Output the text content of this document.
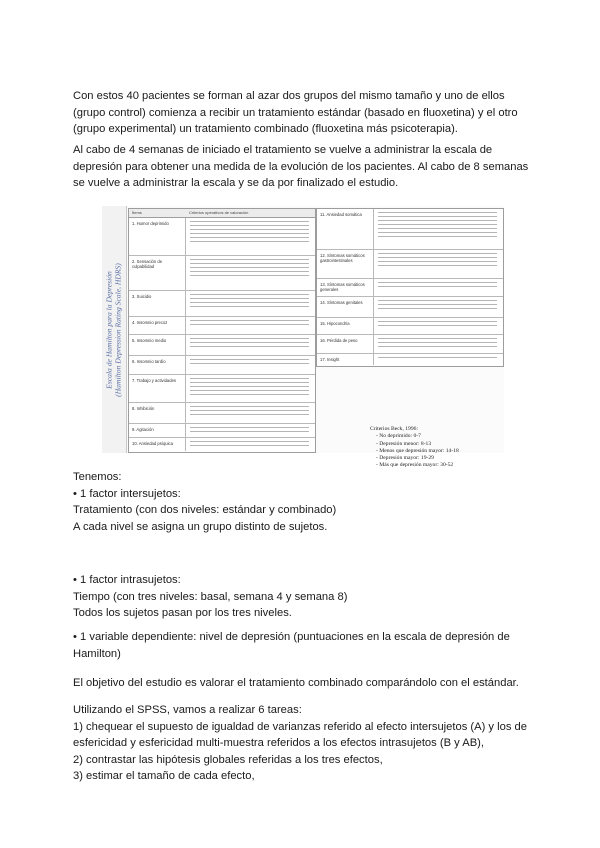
Con estos 40 pacientes se forman al azar dos grupos del mismo tamaño y uno de ellos
(grupo control) comienza a recibir un tratamiento estándar (basado en fluoxetina) y el otro
(grupo experimental) un tratamiento combinado (fluoxetina más psicoterapia).

Al cabo de 4 semanas de iniciado el tratamiento se vuelve a administrar la escala de
depresión para obtener una medida de la evolución de los pacientes. Al cabo de 8 semanas
se vuelve a administrar la escala y se da por finalizado el estudio.

Escala de Hamilton para la Depresión
(Hamilton Depression Rating Scale, HDRS)
Ítems	Criterios operativos de valoración
1. Humor deprimido
2. Sensación de culpabilidad
3. Suicidio
4. Insomnio precoz
5. Insomnio medio
6. Insomnio tardío
7. Trabajo y actividades
8. Inhibición
9. Agitación
10. Ansiedad psíquica
11. Ansiedad somática
12. Síntomas somáticos gastrointestinales
13. Síntomas somáticos generales
14. Síntomas genitales
15. Hipocondría
16. Pérdida de peso
17. Insight
Criterios Beck, 1996:
- No deprimido: 0-7
- Depresión menor: 8-13
- Menos que depresión mayor: 14-18
- Depresión mayor: 19-29
- Más que depresión mayor: 30-52

Tenemos:
• 1 factor intersujetos:
Tratamiento (con dos niveles: estándar y combinado)
A cada nivel se asigna un grupo distinto de sujetos.

• 1 factor intrasujetos:
Tiempo (con tres niveles: basal, semana 4 y semana 8)
Todos los sujetos pasan por los tres niveles.

• 1 variable dependiente: nivel de depresión (puntuaciones en la escala de depresión de
Hamilton)

El objetivo del estudio es valorar el tratamiento combinado comparándolo con el estándar.

Utilizando el SPSS, vamos a realizar 6 tareas:
1) chequear el supuesto de igualdad de varianzas referido al efecto intersujetos (A) y los de
esfericidad y esfericidad multi-muestra referidos a los efectos intrasujetos (B y AB),
2) contrastar las hipótesis globales referidas a los tres efectos,
3) estimar el tamaño de cada efecto,
